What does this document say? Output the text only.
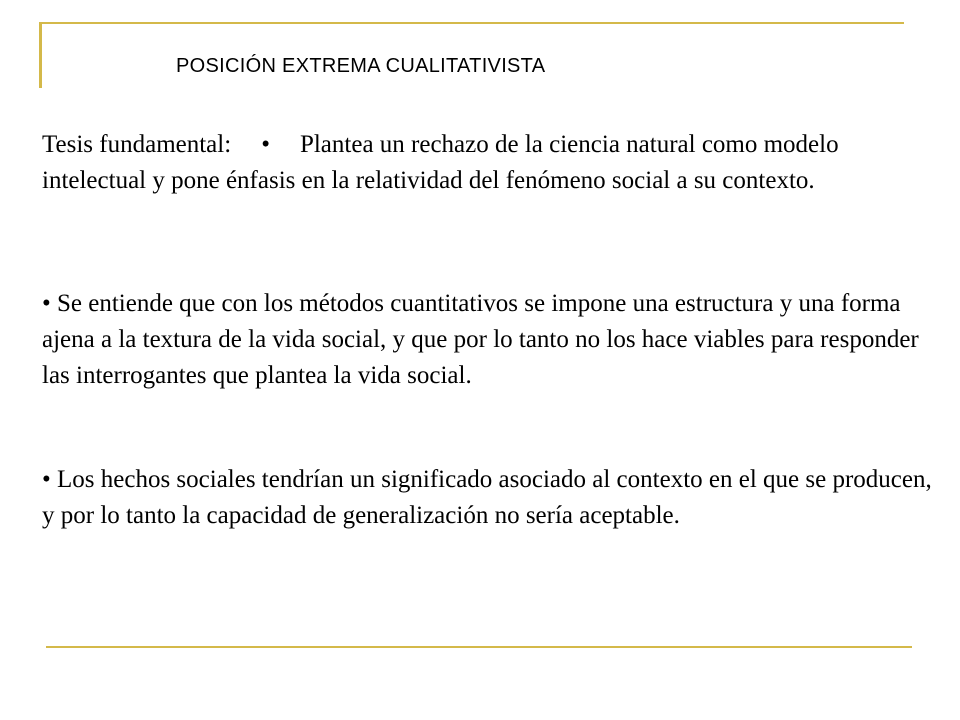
POSICIÓN EXTREMA CUALITATIVISTA

Tesis fundamental: • Plantea un rechazo de la ciencia natural como modelo intelectual y pone énfasis en la relatividad del fenómeno social a su contexto.

• Se entiende que con los métodos cuantitativos se impone una estructura y una forma ajena a la textura de la vida social, y que por lo tanto no los hace viables para responder las interrogantes que plantea la vida social.

• Los hechos sociales tendrían un significado asociado al contexto en el que se producen, y por lo tanto la capacidad de generalización no sería aceptable.
